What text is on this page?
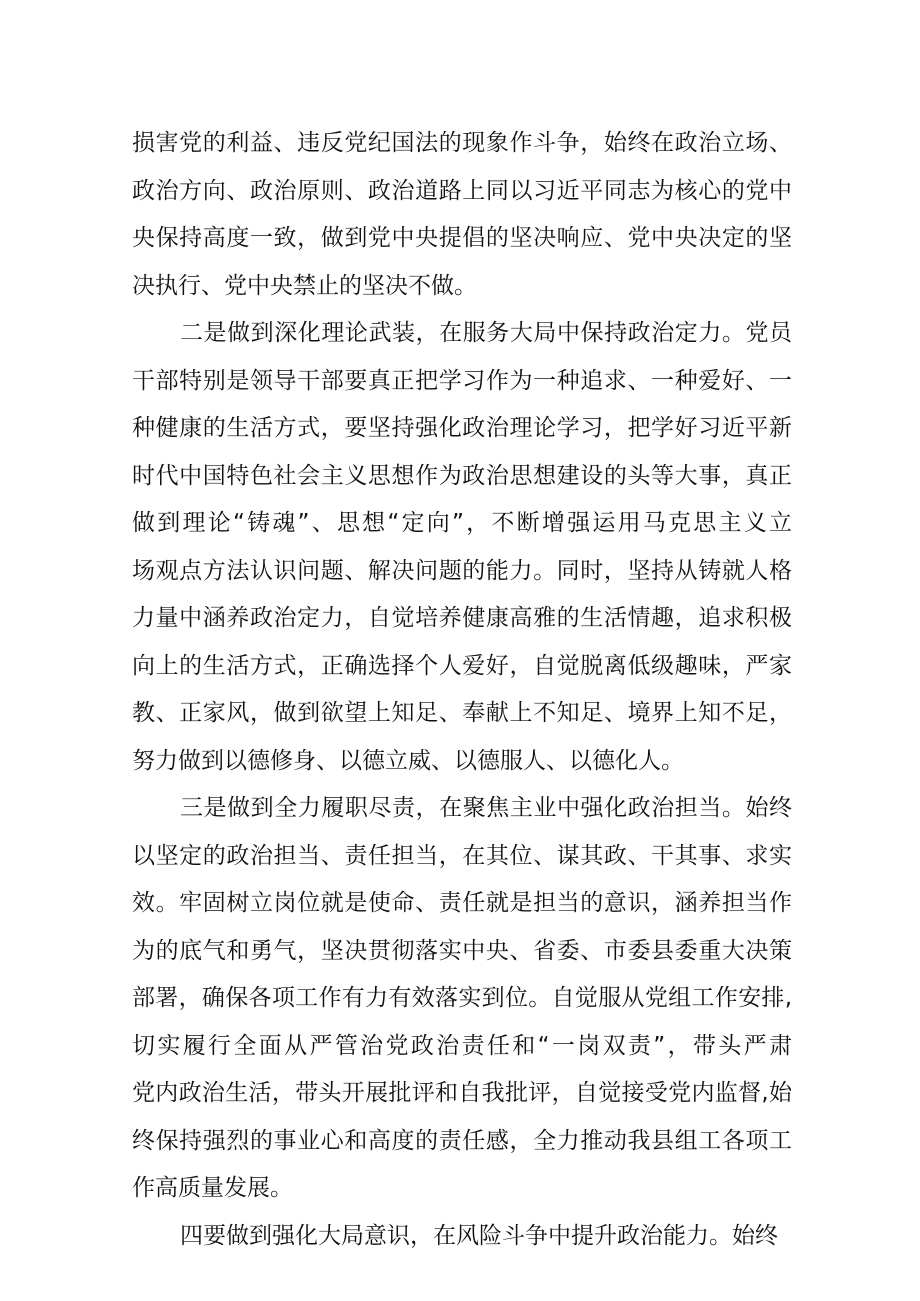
损害党的利益、违反党纪国法的现象作斗争，始终在政治立场、
政治方向、政治原则、政治道路上同以习近平同志为核心的党中
央保持高度一致，做到党中央提倡的坚决响应、党中央决定的坚
决执行、党中央禁止的坚决不做。
二是做到深化理论武装，在服务大局中保持政治定力。党员
干部特别是领导干部要真正把学习作为一种追求、一种爱好、一
种健康的生活方式，要坚持强化政治理论学习，把学好习近平新
时代中国特色社会主义思想作为政治思想建设的头等大事，真正
做到理论“铸魂”、思想“定向”，不断增强运用马克思主义立
场观点方法认识问题、解决问题的能力。同时，坚持从铸就人格
力量中涵养政治定力，自觉培养健康高雅的生活情趣，追求积极
向上的生活方式，正确选择个人爱好，自觉脱离低级趣味，严家
教、正家风，做到欲望上知足、奉献上不知足、境界上知不足，
努力做到以德修身、以德立威、以德服人、以德化人。
三是做到全力履职尽责，在聚焦主业中强化政治担当。始终
以坚定的政治担当、责任担当，在其位、谋其政、干其事、求实
效。牢固树立岗位就是使命、责任就是担当的意识，涵养担当作
为的底气和勇气，坚决贯彻落实中央、省委、市委县委重大决策
部署，确保各项工作有力有效落实到位。自觉服从党组工作安排,
切实履行全面从严管治党政治责任和“一岗双责”，带头严肃
党内政治生活，带头开展批评和自我批评，自觉接受党内监督,始
终保持强烈的事业心和高度的责任感，全力推动我县组工各项工
作高质量发展。
四要做到强化大局意识，在风险斗争中提升政治能力。始终
